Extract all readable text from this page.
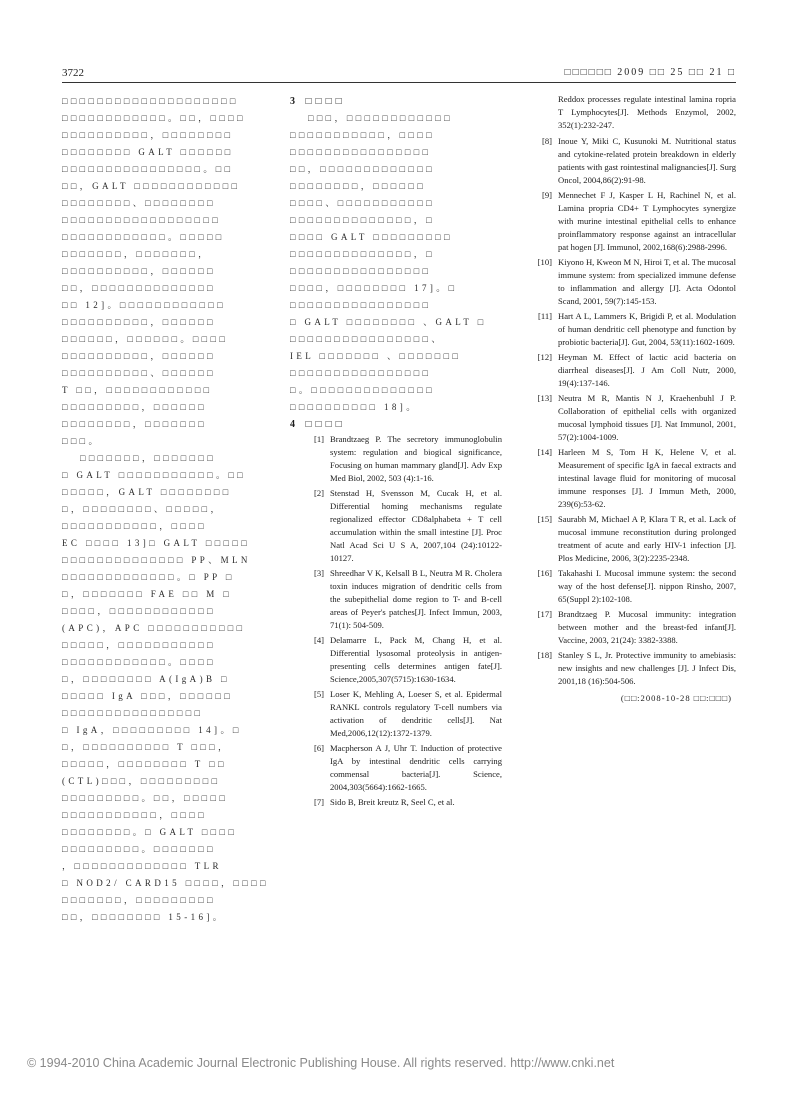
3722	□□□□□□ 2009 □□ 25 □□ 21 □
□□□□□□□□□□□□□□□□□□□□
□□□□□□□□□□□□。□□，□□□□
□□□□□□□□□□，□□□□□□□□
□□□□□□□□ GALT □□□□□□
□□□□□□□□□□□□□□□□。□□
□□，GALT □□□□□□□□□□□□
□□□□□□□□、□□□□□□□□
□□□□□□□□□□□□□□□□□□
□□□□□□□□□□□□。□□□□□
□□□□□□□，□□□□□□□，
□□□□□□□□□□，□□□□□□
□□，□□□□□□□□□□□□□□
□□ 12]。□□□□□□□□□□□□
□□□□□□□□□□，□□□□□□
□□□□□□，□□□□□□。□□□□
□□□□□□□□□□，□□□□□□
□□□□□□□□□□、□□□□□□
T □□，□□□□□□□□□□□□
□□□□□□□□□，□□□□□□
□□□□□□□□，□□□□□□□
□□□。
□□□□□□□，□□□□□□□
□ GALT □□□□□□□□□□□。□□
□□□□□，GALT □□□□□□□□
□，□□□□□□□□、□□□□□，
□□□□□□□□□□□，□□□□
EC □□□□ 13]□ GALT □□□□□
□□□□□□□□□□□□□□ PP、MLN
□□□□□□□□□□□□□。□ PP □
□，□□□□□□□ FAE □□ M □
□□□□，□□□□□□□□□□□□
(APC)，APC □□□□□□□□□□□
□□□□□，□□□□□□□□□□□
□□□□□□□□□□□□。□□□□
□，□□□□□□□□ A(IgA)B □
□□□□□ IgA □□□，□□□□□□
□□□□□□□□□□□□□□□□
□ IgA，□□□□□□□□□ 14]。□
□，□□□□□□□□□□ T □□□，
□□□□□，□□□□□□□□ T □□
(CTL)□□□，□□□□□□□□□
□□□□□□□□□。□□，□□□□□
□□□□□□□□□□□，□□□□
□□□□□□□□。□ GALT □□□□
□□□□□□□□□。□□□□□□□
，□□□□□□□□□□□□□ TLR
□ NOD2/ CARD15 □□□□，□□□□
□□□□□□□，□□□□□□□□□
□□，□□□□□□□□ 15-16]。
3 □□□□
□□□，□□□□□□□□□□□□
□□□□□□□□□□□，□□□□
□□□□□□□□□□□□□□□□
□□，□□□□□□□□□□□□□
□□□□□□□□，□□□□□□
□□□□、□□□□□□□□□□□
□□□□□□□□□□□□□□，□
□□□□ GALT □□□□□□□□□
□□□□□□□□□□□□□□，□
□□□□□□□□□□□□□□□□
□□□□，□□□□□□□□ 17]。□
□□□□□□□□□□□□□□□□
□ GALT □□□□□□□□ 、GALT □
□□□□□□□□□□□□□□□□、
IEL □□□□□□□ 、□□□□□□□
□□□□□□□□□□□□□□□□
□。□□□□□□□□□□□□□□
□□□□□□□□□□ 18]。
4 □□□□
[1] Brandtzaeg P. The secretory immunoglobulin system: regulation and biogical significance, Focusing on human mammary gland[J]. Adv Exp Med Biol, 2002, 503 (4):1-16.
[2] Stenstad H, Svensson M, Cucak H, et al. Differential homing mechanisms regulate regionalized effector CD8alphabeta + T cell accumulation within the small intestine [J]. Proc Natl Acad Sci U S A, 2007,104 (24):10122-10127.
[3] Shreedhar V K, Kelsall B L, Neutra M R. Cholera toxin induces migration of dendritic cells from the subepithelial dome region to T- and B-cell areas of Peyer's patches[J]. Infect Immun, 2003, 71(1): 504-509.
[4] Delamarre L, Pack M, Chang H, et al. Differential lysosomal proteolysis in antigen-presenting cells determines antigen fate[J]. Science,2005,307(5715):1630-1634.
[5] Loser K, Mehling A, Loeser S, et al. Epidermal RANKL controls regulatory T-cell numbers via activation of dendritic cells[J]. Nat Med,2006,12(12):1372-1379.
[6] Macpherson A J, Uhr T. Induction of protective IgA by intestinal dendritic cells carrying commensal bacteria[J]. Science, 2004,303(5664):1662-1665.
[7] Sido B, Breit kreutz R, Seel C, et al.
Reddox processes regulate intestinal lamina ropria T Lymphocytes[J]. Methods Enzymol, 2002, 352(1):232-247.
[8] Inoue Y, Miki C, Kusunoki M. Nutritional status and cytokine-related protein breakdown in elderly patients with gast rointestinal malignancies[J]. Surg Oncol, 2004,86(2):91-98.
[9] Mennechet F J, Kasper L H, Rachinel N, et al. Lamina propria CD4+ T Lymphocytes synergize with murine intestinal epithelial cells to enhance proinflammatory response against an intracellular pat hogen [J]. Immunol, 2002,168(6):2988-2996.
[10] Kiyono H, Kweon M N, Hiroi T, et al. The mucosal immune system: from specialized immune defense to inflammation and allergy [J]. Acta Odontol Scand, 2001, 59(7):145-153.
[11] Hart A L, Lammers K, Brigidi P, et al. Modulation of human dendritic cell phenotype and function by probiotic bacteria[J]. Gut, 2004, 53(11):1602-1609.
[12] Heyman M. Effect of lactic acid bacteria on diarrheal diseases[J]. J Am Coll Nutr, 2000, 19(4):137-146.
[13] Neutra M R, Mantis N J, Kraehenbuhl J P. Collaboration of epithelial cells with organized mucosal lymphoid tissues [J]. Nat Immunol, 2001, 57(2):1004-1009.
[14] Harleen M S, Tom H K, Helene V, et al. Measurement of specific IgA in faecal extracts and intestinal lavage fluid for monitoring of mucosal immune responses [J]. J Immun Meth, 2000, 239(6):53-62.
[15] Saurabh M, Michael A P, Klara T R, et al. Lack of mucosal immune reconstitution during prolonged treatment of acute and early HIV-1 infection [J]. Plos Medicine, 2006, 3(2):2235-2348.
[16] Takahashi I. Mucosal immune system: the second way of the host defense[J]. nippon Rinsho, 2007, 65(Suppl 2):102-108.
[17] Brandtzaeg P. Mucosal immunity: integration between mother and the breast-fed infant[J]. Vaccine, 2003, 21(24): 3382-3388.
[18] Stanley S L, Jr. Protective immunity to amebiasis: new insights and new challenges [J]. J Infect Dis, 2001,18 (16):504-506.
(□□:2008-10-28 □□:□□□)
© 1994-2010 China Academic Journal Electronic Publishing House. All rights reserved. http://www.cnki.net
